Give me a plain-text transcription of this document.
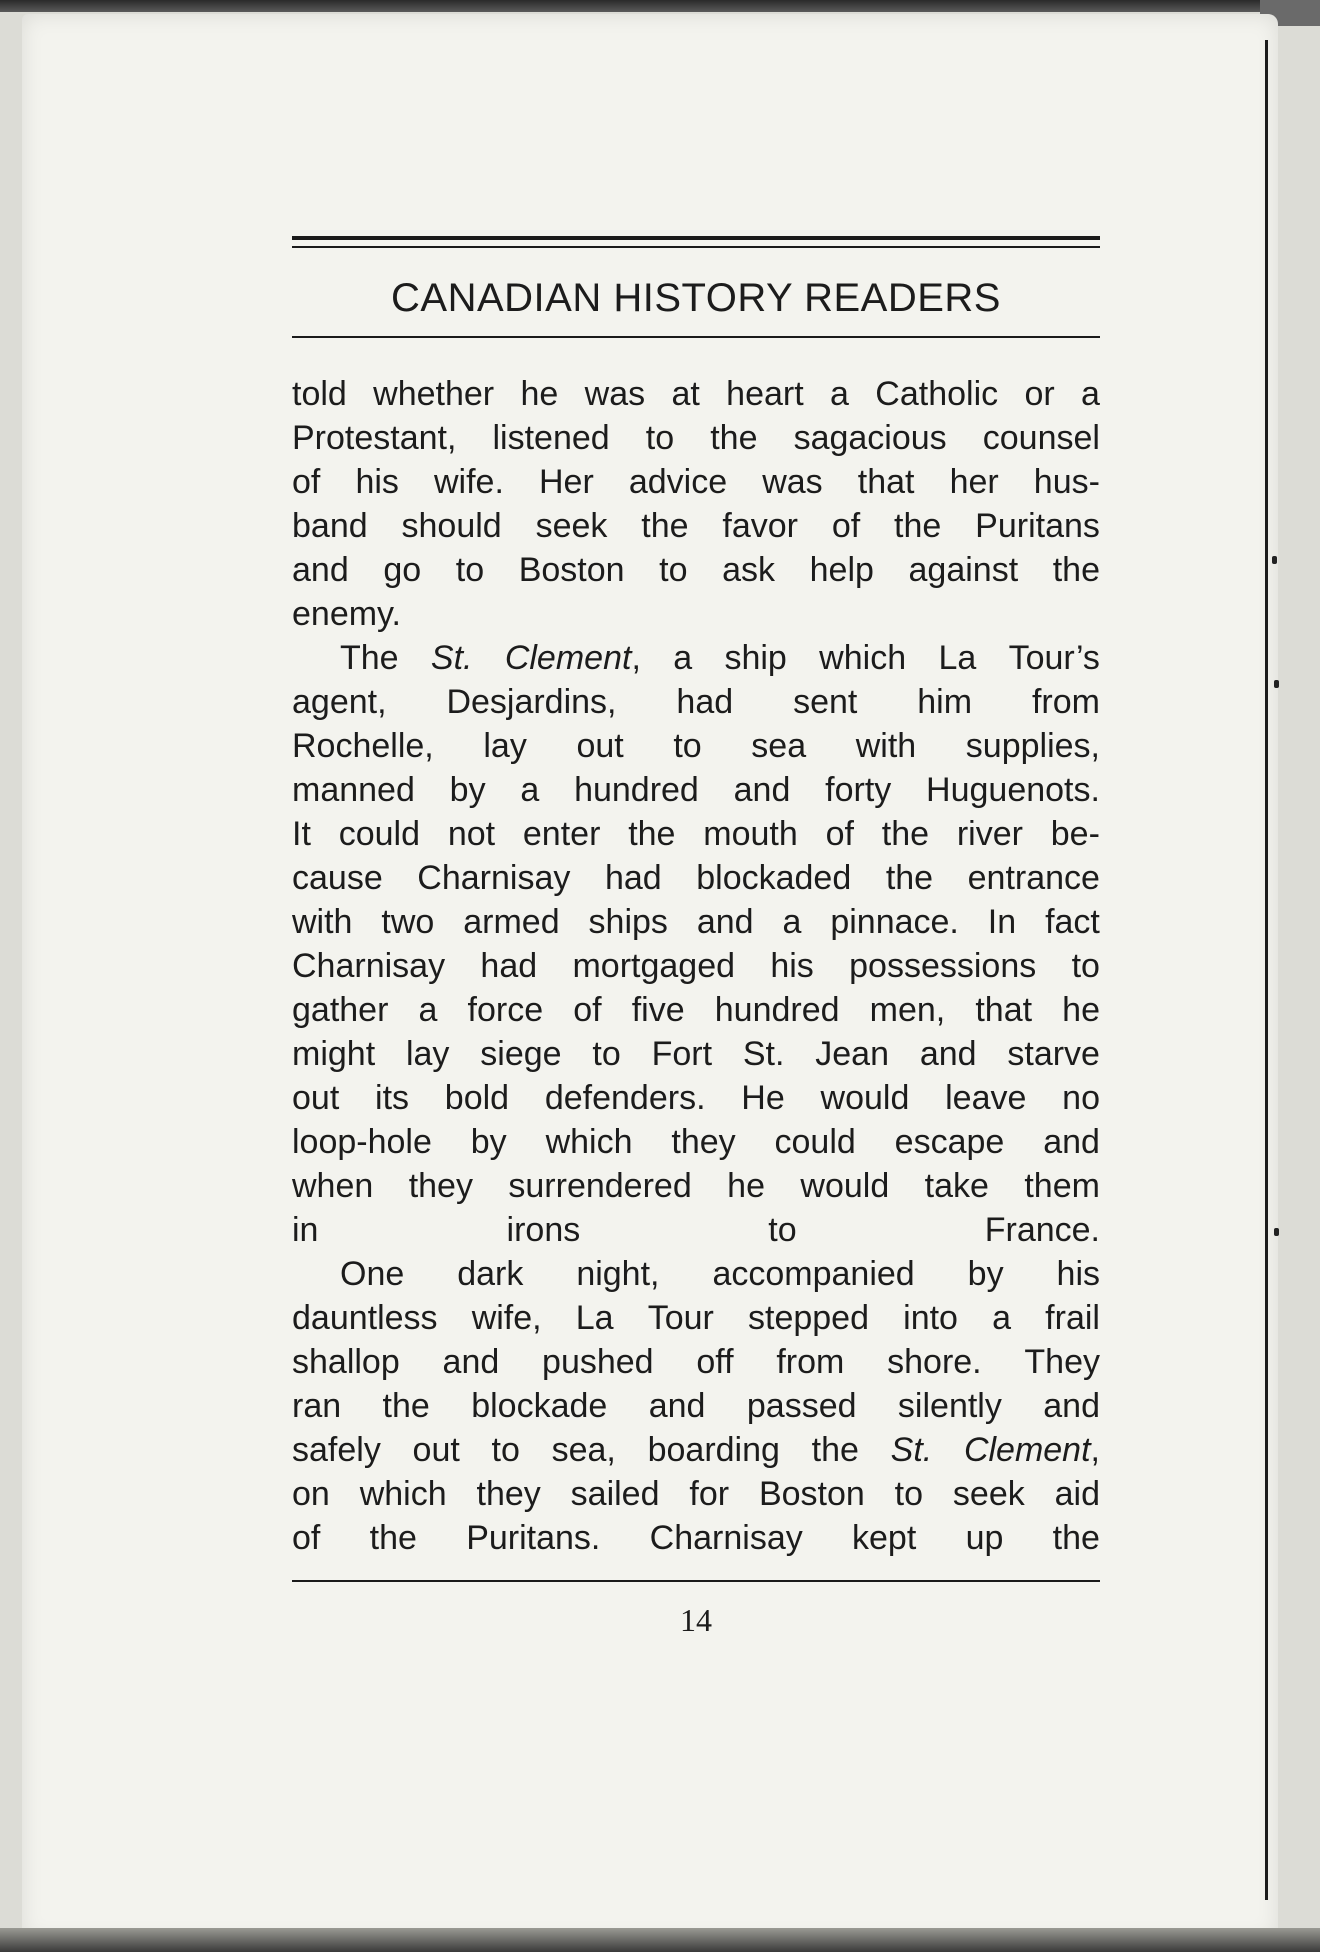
CANADIAN HISTORY READERS
told whether he was at heart a Catholic or a
Protestant, listened to the sagacious counsel
of his wife. Her advice was that her hus-
band should seek the favor of the Puritans
and go to Boston to ask help against the
enemy.
The St. Clement, a ship which La Tour’s
agent, Desjardins, had sent him from
Rochelle, lay out to sea with supplies,
manned by a hundred and forty Huguenots.
It could not enter the mouth of the river be-
cause Charnisay had blockaded the entrance
with two armed ships and a pinnace. In fact
Charnisay had mortgaged his possessions to
gather a force of five hundred men, that he
might lay siege to Fort St. Jean and starve
out its bold defenders. He would leave no
loop-hole by which they could escape and
when they surrendered he would take them
in irons to France.
One dark night, accompanied by his
dauntless wife, La Tour stepped into a frail
shallop and pushed off from shore. They
ran the blockade and passed silently and
safely out to sea, boarding the St. Clement,
on which they sailed for Boston to seek aid
of the Puritans. Charnisay kept up the
14
